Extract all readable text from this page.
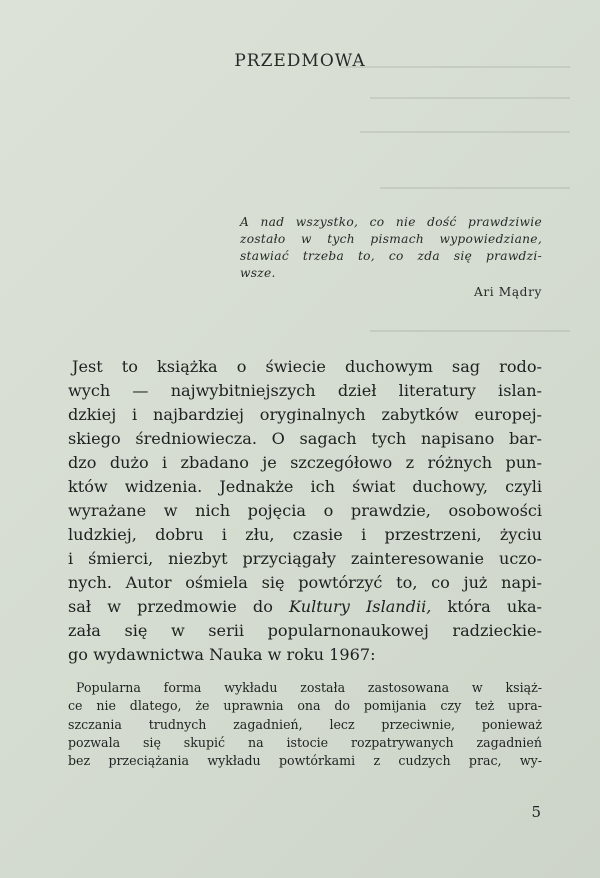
PRZEDMOWA
A nad wszystko, co nie dość prawdziwie
zostało w tych pismach wypowiedziane,
stawiać trzeba to, co zda się prawdzi-
wsze.
Ari Mądry
Jest to książka o świecie duchowym sag rodo-
wych — najwybitniejszych dzieł literatury islan-
dzkiej i najbardziej oryginalnych zabytków europej-
skiego średniowiecza. O sagach tych napisano bar-
dzo dużo i zbadano je szczegółowo z różnych pun-
któw widzenia. Jednakże ich świat duchowy, czyli
wyrażane w nich pojęcia o prawdzie, osobowości
ludzkiej, dobru i złu, czasie i przestrzeni, życiu
i śmierci, niezbyt przyciągały zainteresowanie uczo-
nych. Autor ośmiela się powtórzyć to, co już napi-
sał w przedmowie do Kultury Islandii, która uka-
zała się w serii popularnonaukowej radzieckie-
go wydawnictwa Nauka w roku 1967:
Popularna forma wykładu została zastosowana w książ-
ce nie dlatego, że uprawnia ona do pomijania czy też upra-
szczania trudnych zagadnień, lecz przeciwnie, ponieważ
pozwala się skupić na istocie rozpatrywanych zagadnień
bez przeciążania wykładu powtórkami z cudzych prac, wy-
5
